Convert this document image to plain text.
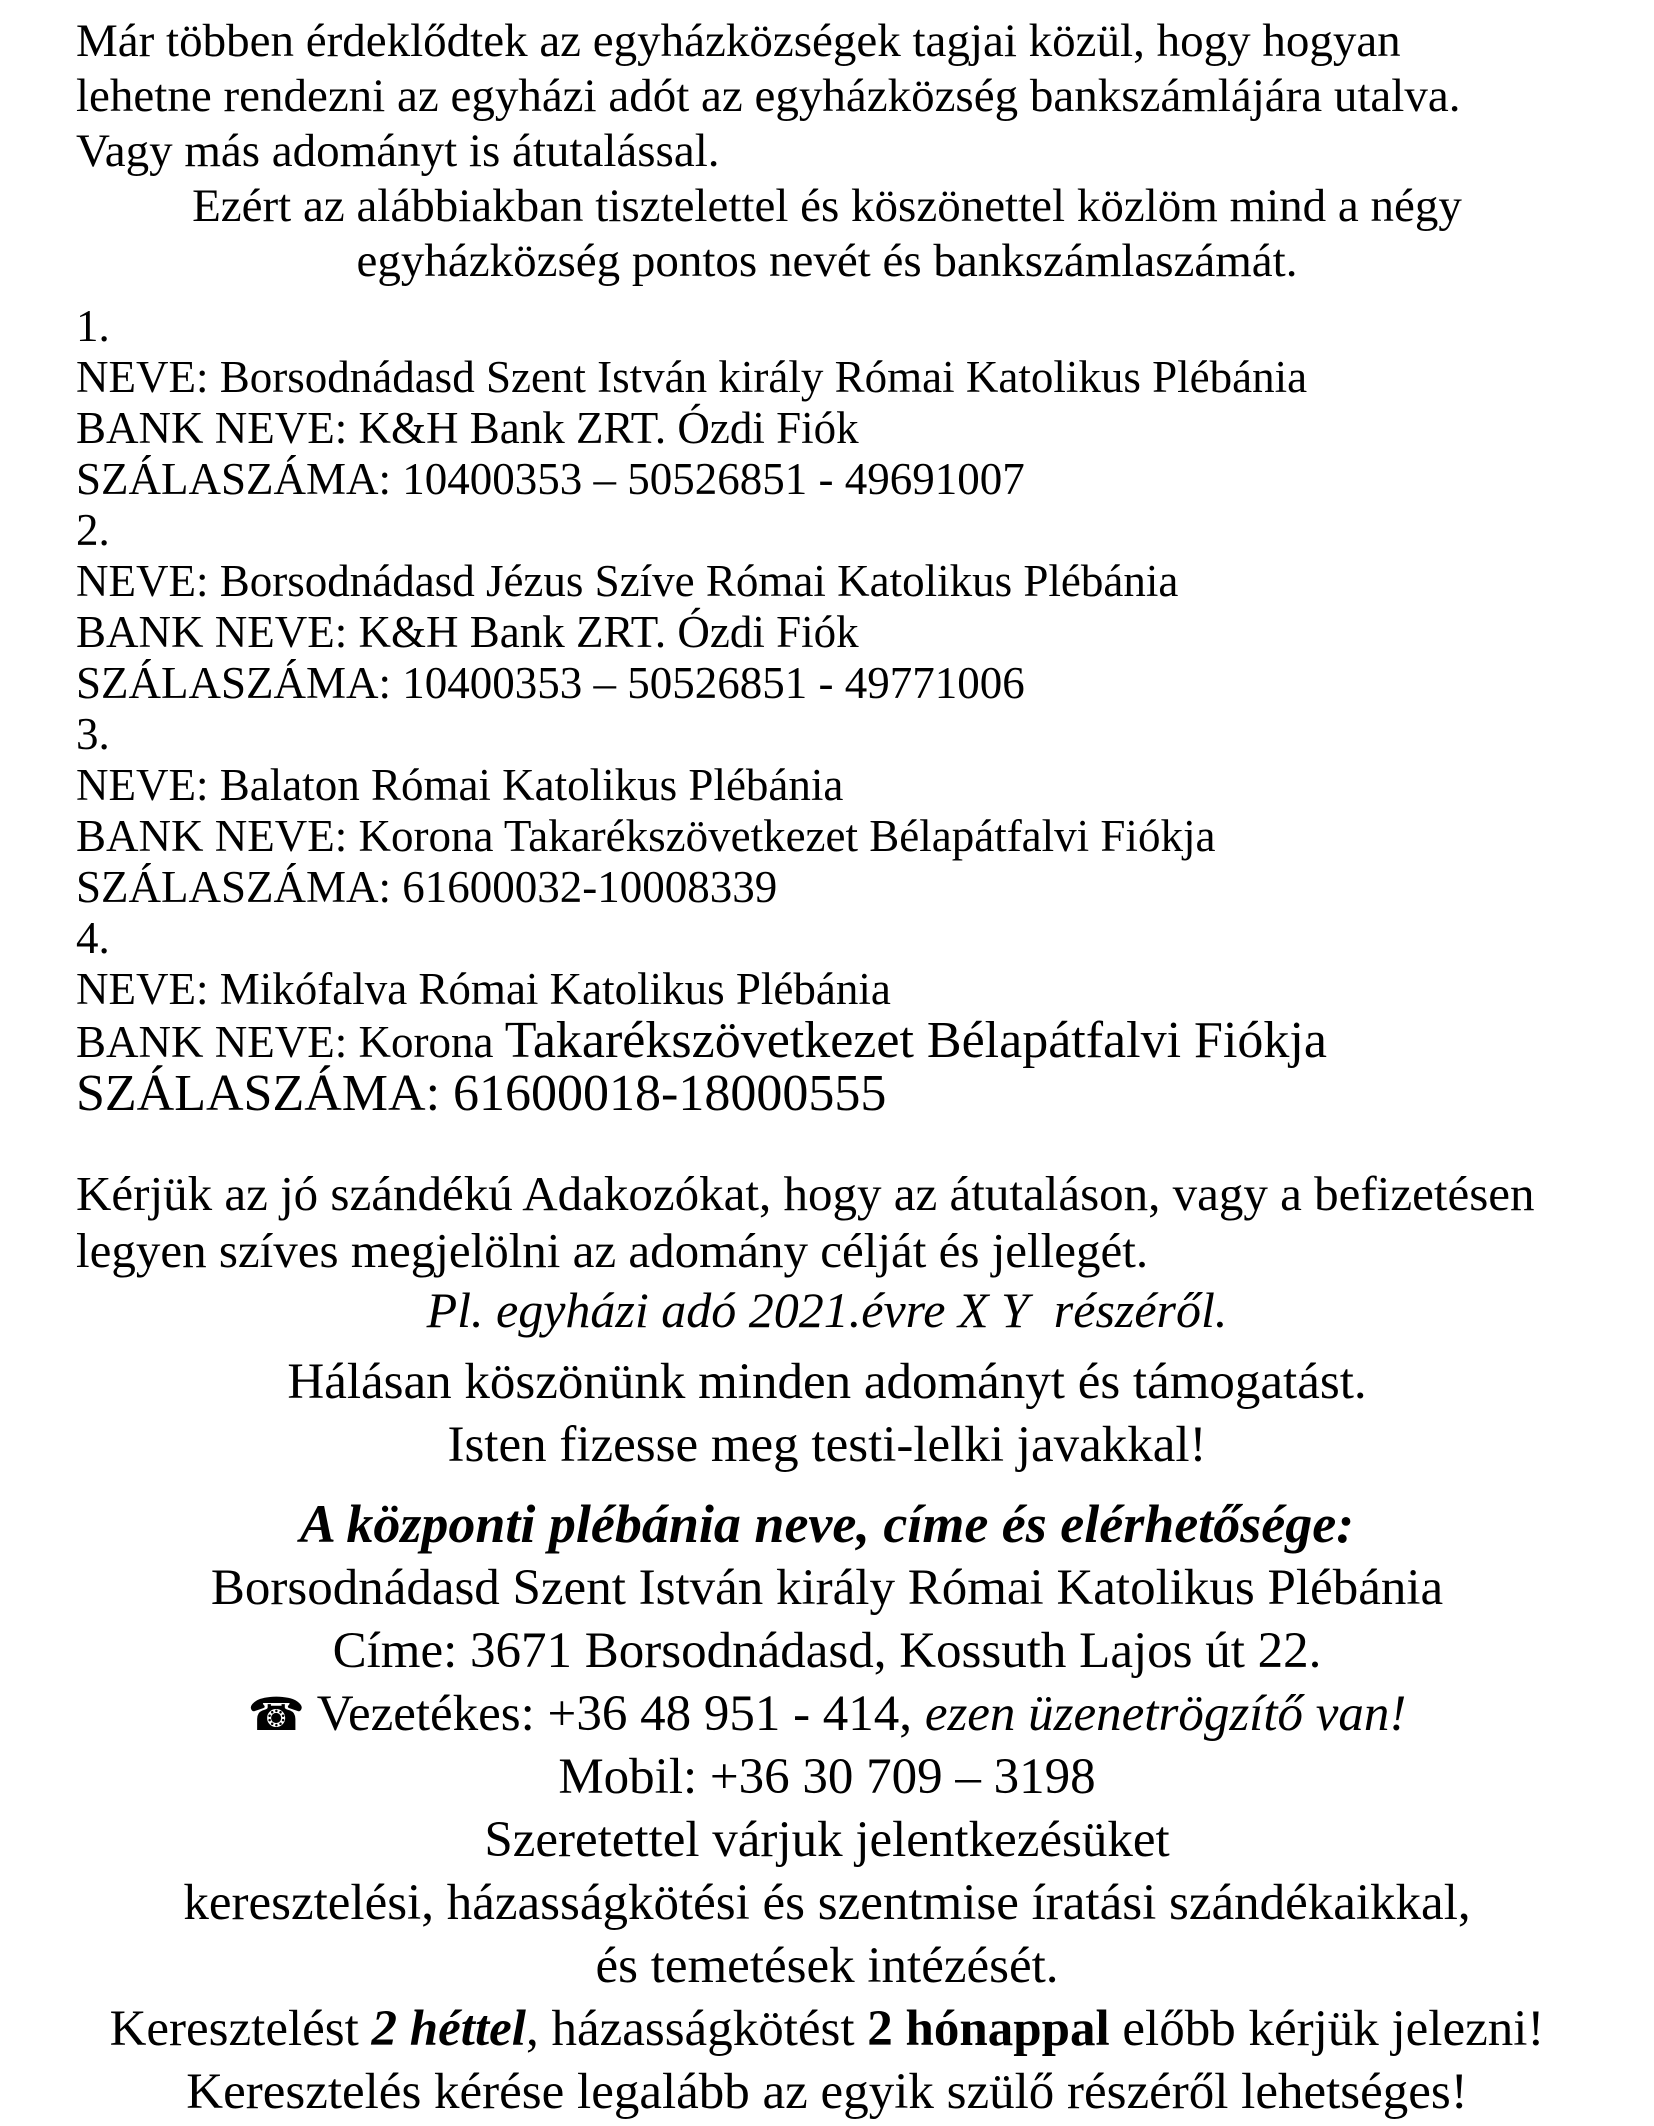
Már többen érdeklődtek az egyházközségek tagjai közül, hogy hogyan
lehetne rendezni az egyházi adót az egyházközség bankszámlájára utalva.
Vagy más adományt is átutalással.
Ezért az alábbiakban tisztelettel és köszönettel közlöm mind a négy
egyházközség pontos nevét és bankszámlaszámát.
1.
NEVE: Borsodnádasd Szent István király Római Katolikus Plébánia
BANK NEVE: K&H Bank ZRT. Ózdi Fiók
SZÁLASZÁMA: 10400353 – 50526851 - 49691007
2.
NEVE: Borsodnádasd Jézus Szíve Római Katolikus Plébánia
BANK NEVE: K&H Bank ZRT. Ózdi Fiók
SZÁLASZÁMA: 10400353 – 50526851 - 49771006
3.
NEVE: Balaton Római Katolikus Plébánia
BANK NEVE: Korona Takarékszövetkezet Bélapátfalvi Fiókja
SZÁLASZÁMA: 61600032-10008339
4.
NEVE: Mikófalva Római Katolikus Plébánia
BANK NEVE: Korona Takarékszövetkezet Bélapátfalvi Fiókja
SZÁLASZÁMA: 61600018-18000555
Kérjük az jó szándékú Adakozókat, hogy az átutaláson, vagy a befizetésen
legyen szíves megjelölni az adomány célját és jellegét.
Pl. egyházi adó 2021.évre X Y  részéről.
Hálásan köszönünk minden adományt és támogatást.
Isten fizesse meg testi-lelki javakkal!
A központi plébánia neve, címe és elérhetősége:
Borsodnádasd Szent István király Római Katolikus Plébánia
Címe: 3671 Borsodnádasd, Kossuth Lajos út 22.
☎ Vezetékes: +36 48 951 - 414, ezen üzenetrögzítő van!
Mobil: +36 30 709 – 3198
Szeretettel várjuk jelentkezésüket
keresztelési, házasságkötési és szentmise íratási szándékaikkal,
és temetések intézését.
Keresztelést 2 héttel, házasságkötést 2 hónappal előbb kérjük jelezni!
Keresztelés kérése legalább az egyik szülő részéről lehetséges!
